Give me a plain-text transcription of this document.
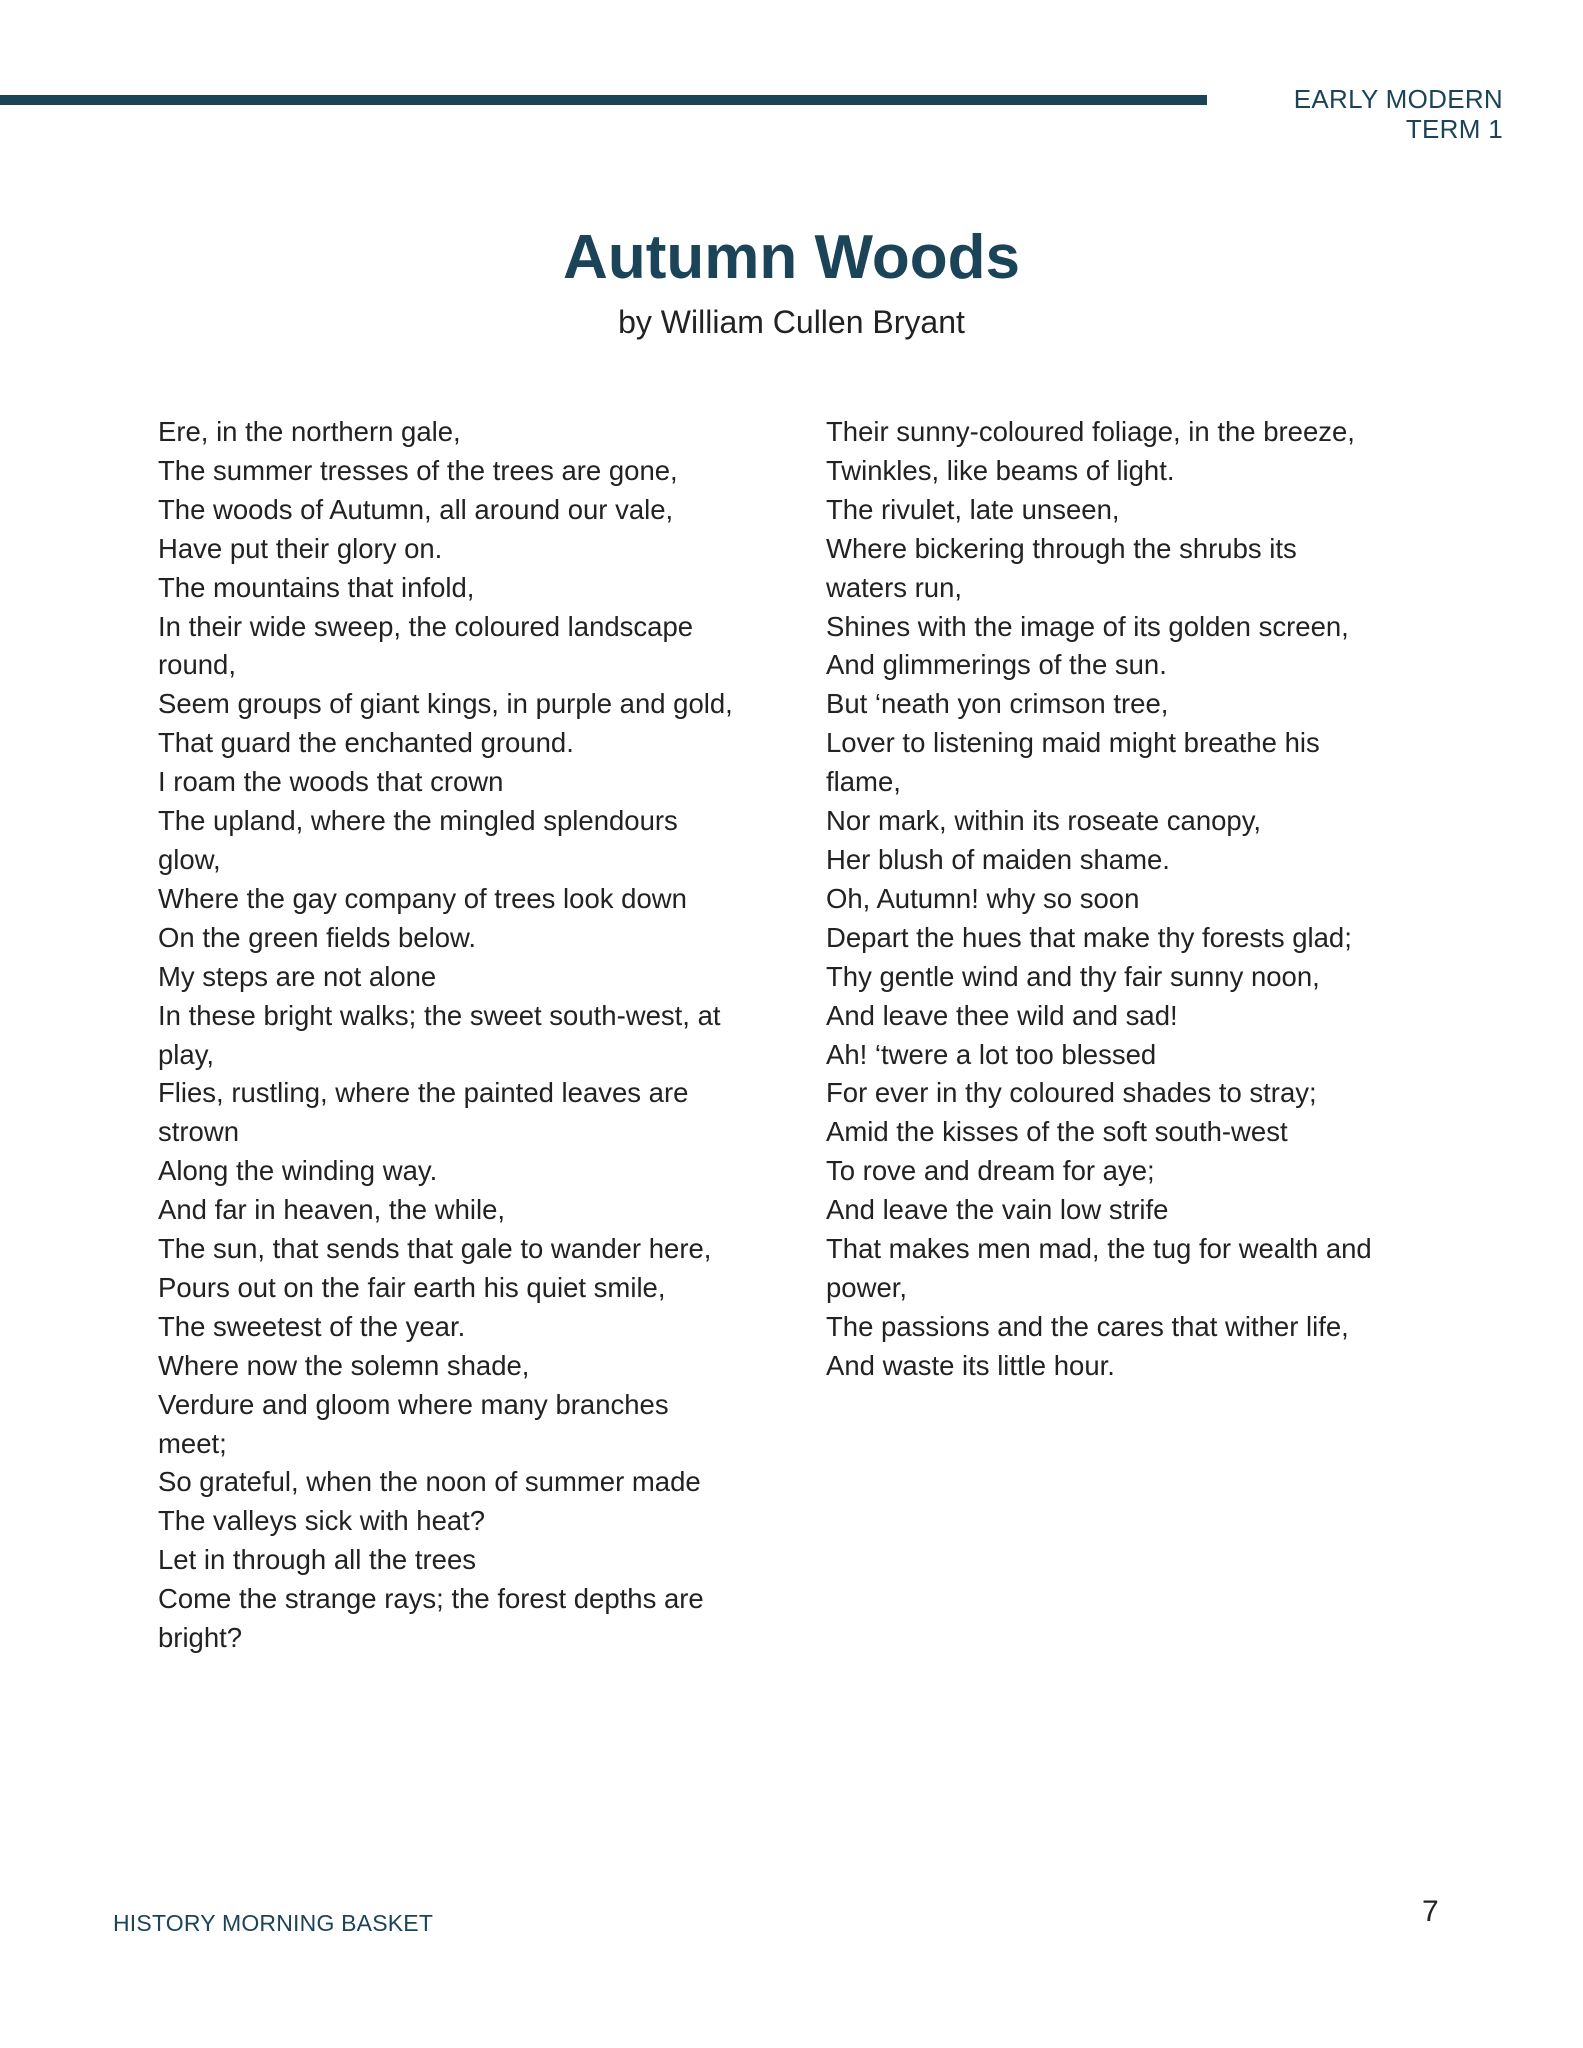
EARLY MODERN
TERM 1
Autumn Woods
by William Cullen Bryant
Ere, in the northern gale,
The summer tresses of the trees are gone,
The woods of Autumn, all around our vale,
Have put their glory on.
The mountains that infold,
In their wide sweep, the coloured landscape
round,
Seem groups of giant kings, in purple and gold,
That guard the enchanted ground.
I roam the woods that crown
The upland, where the mingled splendours
glow,
Where the gay company of trees look down
On the green fields below.
My steps are not alone
In these bright walks; the sweet south-west, at
play,
Flies, rustling, where the painted leaves are
strown
Along the winding way.
And far in heaven, the while,
The sun, that sends that gale to wander here,
Pours out on the fair earth his quiet smile,
The sweetest of the year.
Where now the solemn shade,
Verdure and gloom where many branches
meet;
So grateful, when the noon of summer made
The valleys sick with heat?
Let in through all the trees
Come the strange rays; the forest depths are
bright?
Their sunny-coloured foliage, in the breeze,
Twinkles, like beams of light.
The rivulet, late unseen,
Where bickering through the shrubs its
waters run,
Shines with the image of its golden screen,
And glimmerings of the sun.
But ‘neath yon crimson tree,
Lover to listening maid might breathe his
flame,
Nor mark, within its roseate canopy,
Her blush of maiden shame.
Oh, Autumn! why so soon
Depart the hues that make thy forests glad;
Thy gentle wind and thy fair sunny noon,
And leave thee wild and sad!
Ah! ‘twere a lot too blessed
For ever in thy coloured shades to stray;
Amid the kisses of the soft south-west
To rove and dream for aye;
And leave the vain low strife
That makes men mad, the tug for wealth and
power,
The passions and the cares that wither life,
And waste its little hour.
HISTORY MORNING BASKET	7
